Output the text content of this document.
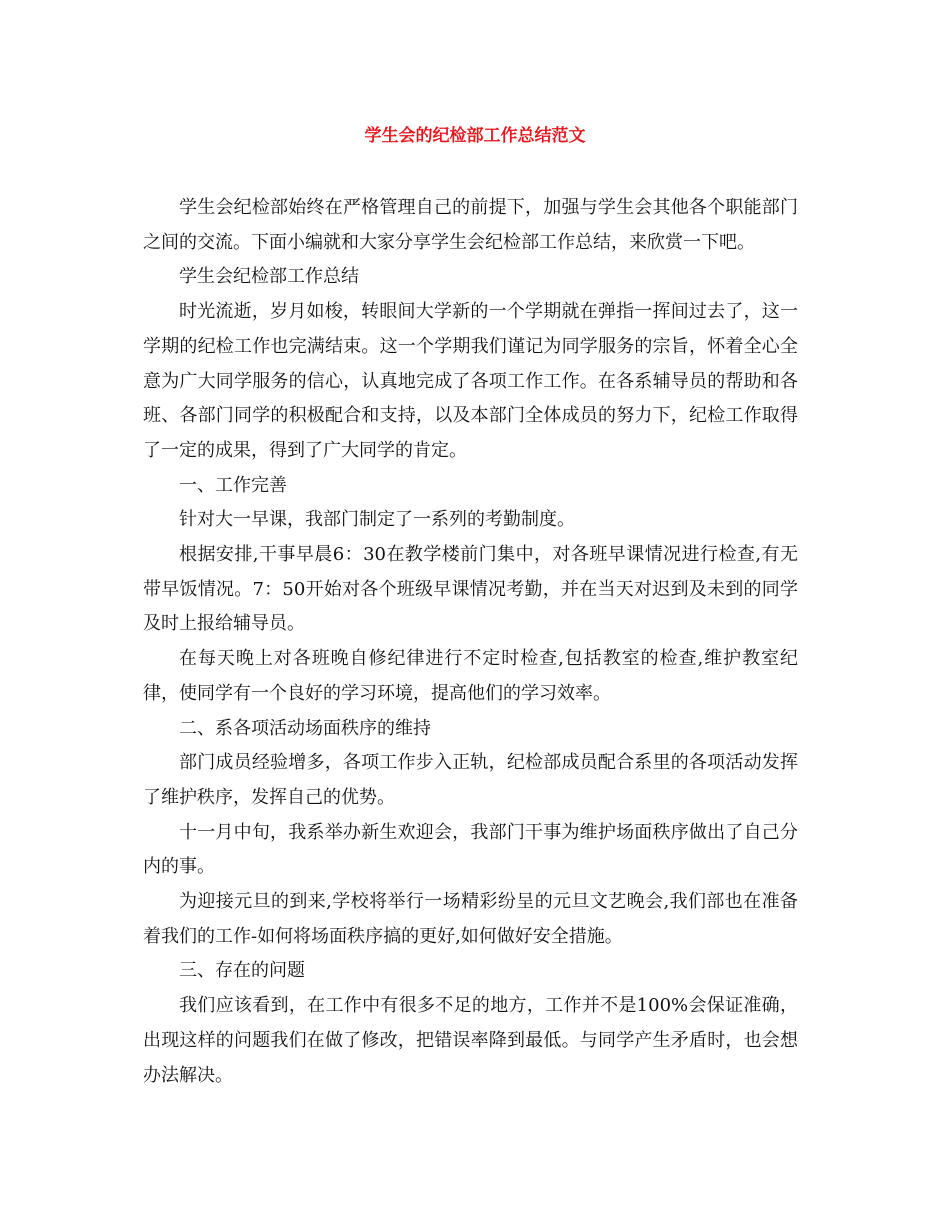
学生会的纪检部工作总结范文

学生会纪检部始终在严格管理自己的前提下，加强与学生会其他各个职能部门之间的交流。下面小编就和大家分享学生会纪检部工作总结，来欣赏一下吧。

学生会纪检部工作总结

时光流逝，岁月如梭，转眼间大学新的一个学期就在弹指一挥间过去了，这一学期的纪检工作也完满结束。这一个学期我们谨记为同学服务的宗旨，怀着全心全意为广大同学服务的信心，认真地完成了各项工作工作。在各系辅导员的帮助和各班、各部门同学的积极配合和支持，以及本部门全体成员的努力下，纪检工作取得了一定的成果，得到了广大同学的肯定。

一、工作完善

针对大一早课，我部门制定了一系列的考勤制度。

根据安排,干事早晨6：30在教学楼前门集中，对各班早课情况进行检查,有无带早饭情况。7：50开始对各个班级早课情况考勤，并在当天对迟到及未到的同学及时上报给辅导员。

在每天晚上对各班晚自修纪律进行不定时检查,包括教室的检查,维护教室纪律，使同学有一个良好的学习环境，提高他们的学习效率。

二、系各项活动场面秩序的维持

部门成员经验增多，各项工作步入正轨，纪检部成员配合系里的各项活动发挥了维护秩序，发挥自己的优势。

十一月中旬，我系举办新生欢迎会，我部门干事为维护场面秩序做出了自己分内的事。

为迎接元旦的到来,学校将举行一场精彩纷呈的元旦文艺晚会,我们部也在准备着我们的工作-如何将场面秩序搞的更好,如何做好安全措施。

三、存在的问题

我们应该看到，在工作中有很多不足的地方，工作并不是100%会保证准确，出现这样的问题我们在做了修改，把错误率降到最低。与同学产生矛盾时，也会想办法解决。
